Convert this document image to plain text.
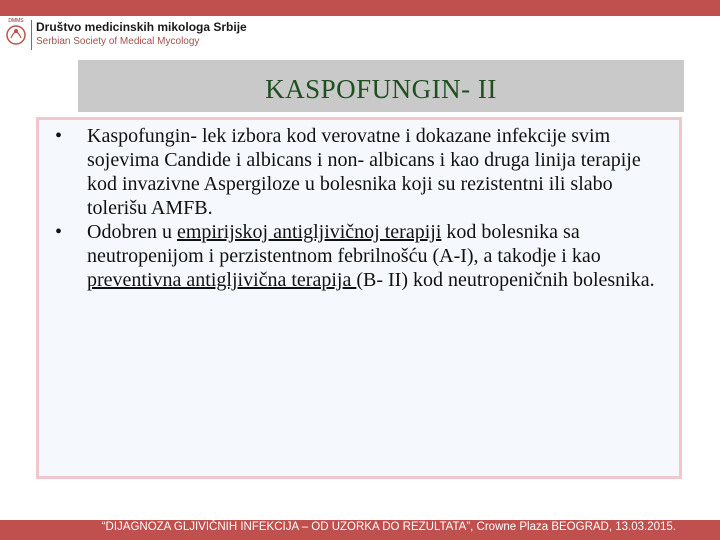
DMMS	Društvo medicinskih mikologa Srbije
Serbian Society of Medical Mycology
KASPOFUNGIN- II
• Kaspofungin- lek izbora kod verovatne i dokazane infekcije svim sojevima Candide i albicans i non- albicans i kao druga linija terapije kod invazivne Aspergiloze u bolesnika koji su rezistentni ili slabo tolerišu AMFB.
• Odobren u empirijskoj antigljivičnoj terapiji kod bolesnika sa neutropenijom i perzistentnom febrilnošću (A-I), a takodje i kao preventivna antigljivična terapija (B- II) kod neutropeničnih bolesnika.
“DIJAGNOZA GLJIVIČNIH INFEKCIJA – OD UZORKA DO REZULTATA”, Crowne Plaza BEOGRAD, 13.03.2015.
